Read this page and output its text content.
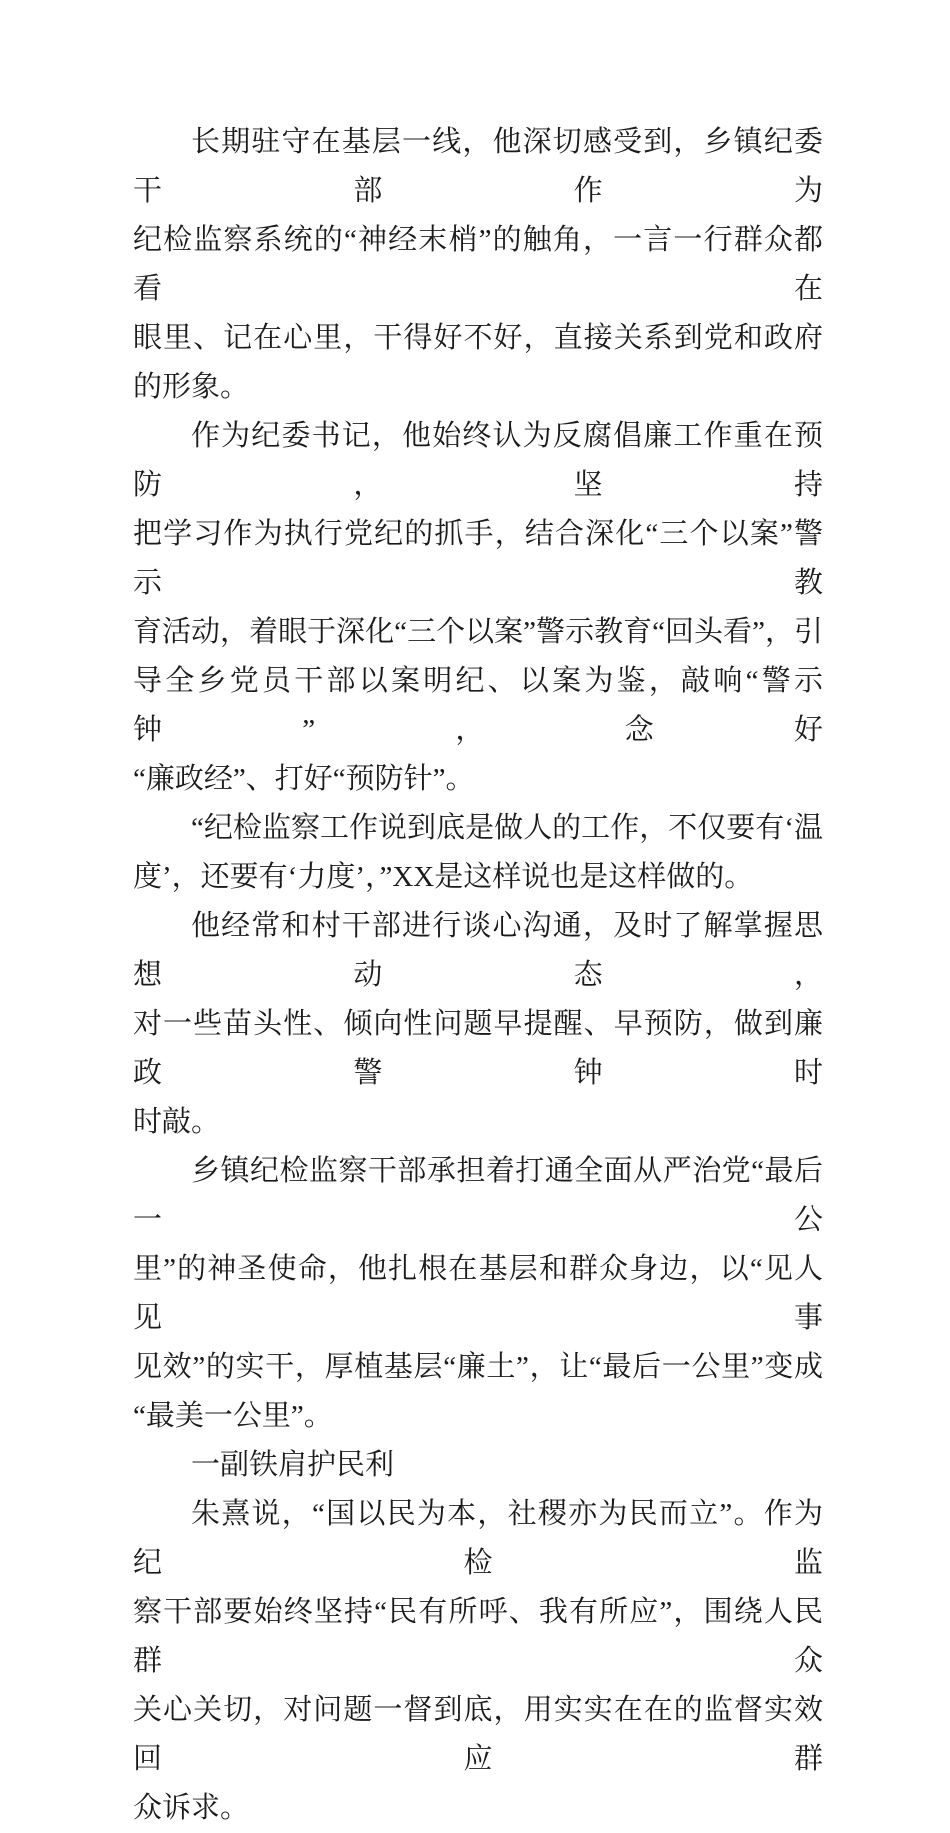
长期驻守在基层一线，他深切感受到，乡镇纪委干部作为
纪检监察系统的“神经末梢”的触角，一言一行群众都看在
眼里、记在心里，干得好不好，直接关系到党和政府的形象。

作为纪委书记，他始终认为反腐倡廉工作重在预防，坚持
把学习作为执行党纪的抓手，结合深化“三个以案”警示教
育活动，着眼于深化“三个以案”警示教育“回头看”，引
导全乡党员干部以案明纪、以案为鉴，敲响“警示钟”，念好
“廉政经”、打好“预防针”。

“纪检监察工作说到底是做人的工作，不仅要有‘温
度’，还要有‘力度’，”XX是这样说也是这样做的。

他经常和村干部进行谈心沟通，及时了解掌握思想动态，
对一些苗头性、倾向性问题早提醒、早预防，做到廉政警钟时
时敲。

乡镇纪检监察干部承担着打通全面从严治党“最后一公
里”的神圣使命，他扎根在基层和群众身边，以“见人见事
见效”的实干，厚植基层“廉土”，让“最后一公里”变成
“最美一公里”。

一副铁肩护民利

朱熹说，“国以民为本，社稷亦为民而立”。作为纪检监
察干部要始终坚持“民有所呼、我有所应”，围绕人民群众
关心关切，对问题一督到底，用实实在在的监督实效回应群
众诉求。
